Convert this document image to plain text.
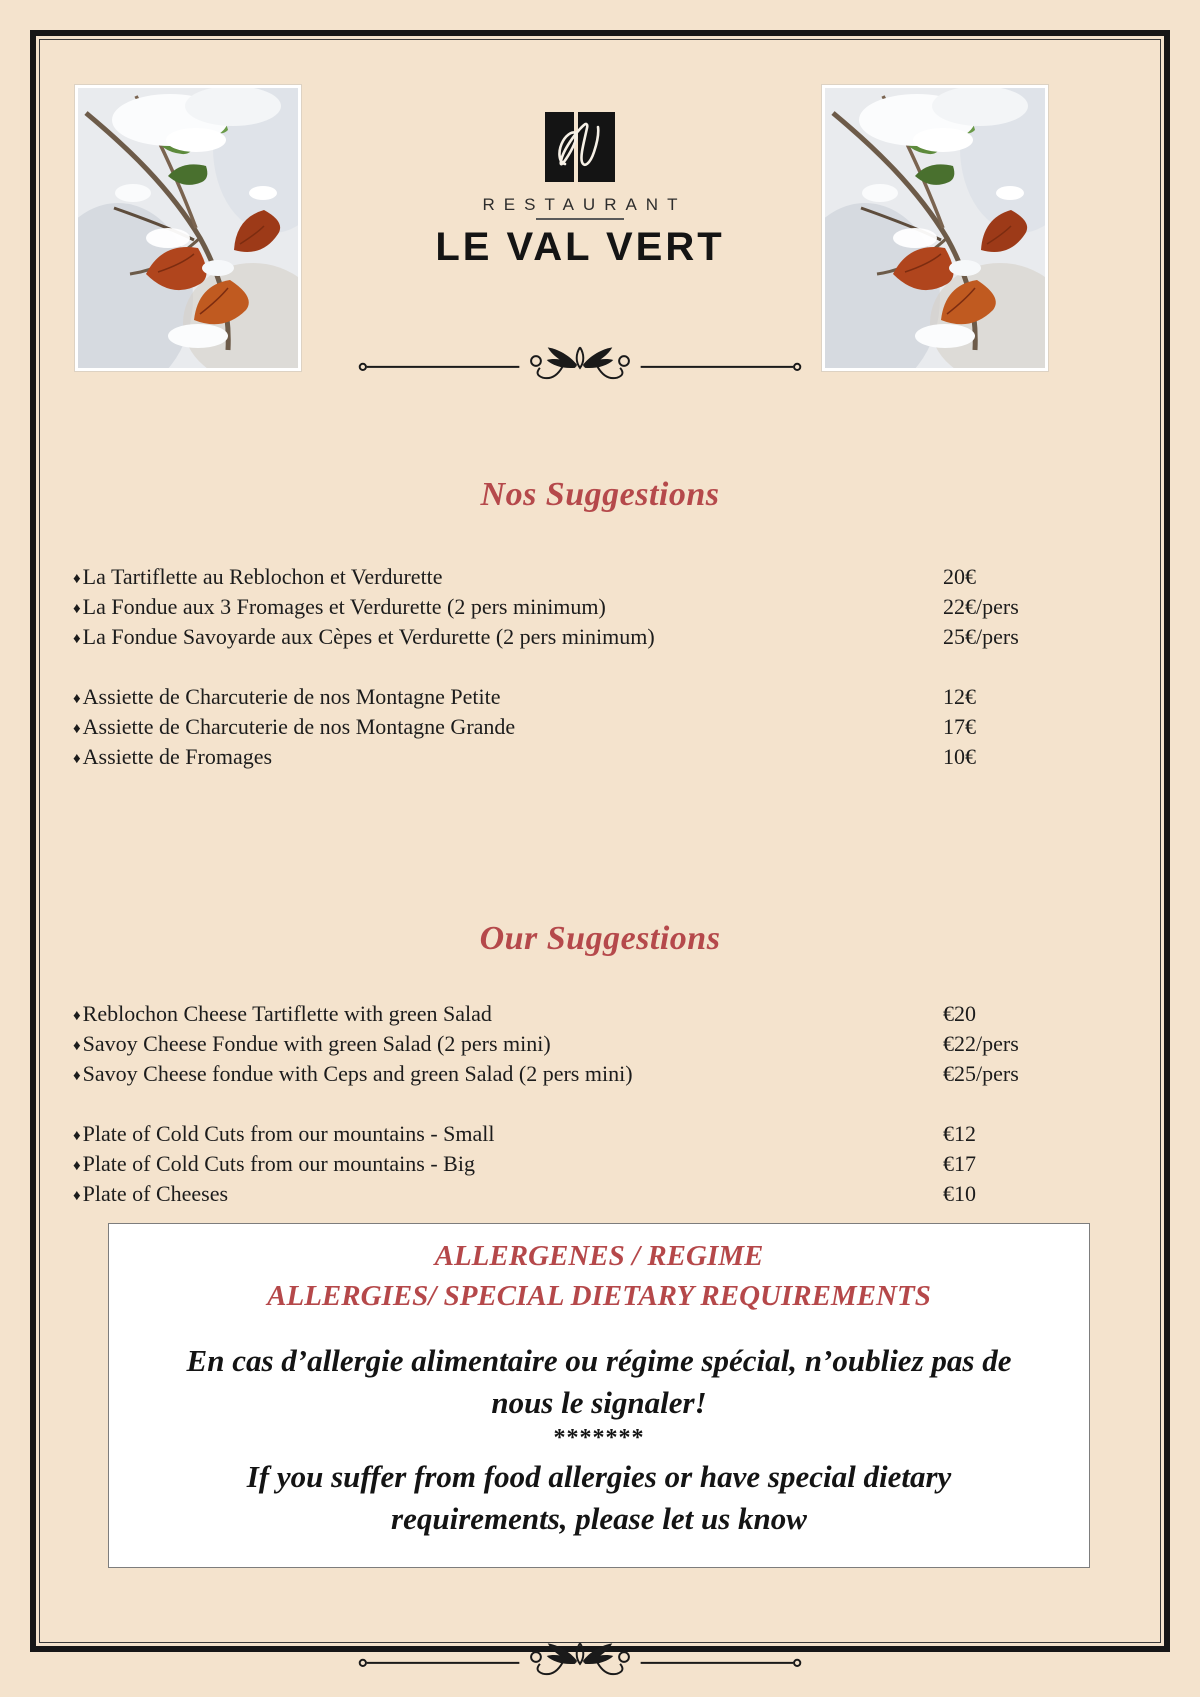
RESTAURANT
LE VAL VERT
Nos Suggestions
♦La Tartiflette au Reblochon et Verdurette	20€
♦La Fondue aux 3 Fromages et Verdurette (2 pers minimum)	22€/pers
♦La Fondue Savoyarde aux Cèpes et Verdurette (2 pers minimum)	25€/pers
♦Assiette de Charcuterie de nos Montagne Petite	12€
♦Assiette de Charcuterie de nos Montagne Grande	17€
♦Assiette de Fromages	10€
Our Suggestions
♦Reblochon Cheese Tartiflette with green Salad	€20
♦Savoy Cheese Fondue with green Salad (2 pers mini)	€22/pers
♦Savoy Cheese fondue with Ceps and green Salad (2 pers mini)	€25/pers
♦Plate of Cold Cuts from our mountains - Small	€12
♦Plate of Cold Cuts from our mountains - Big	€17
♦Plate of Cheeses	€10
ALLERGENES / REGIME
ALLERGIES/ SPECIAL DIETARY REQUIREMENTS
En cas d’allergie alimentaire ou régime spécial, n’oubliez pas de
nous le signaler!
*******
If you suffer from food allergies or have special dietary
requirements, please let us know
